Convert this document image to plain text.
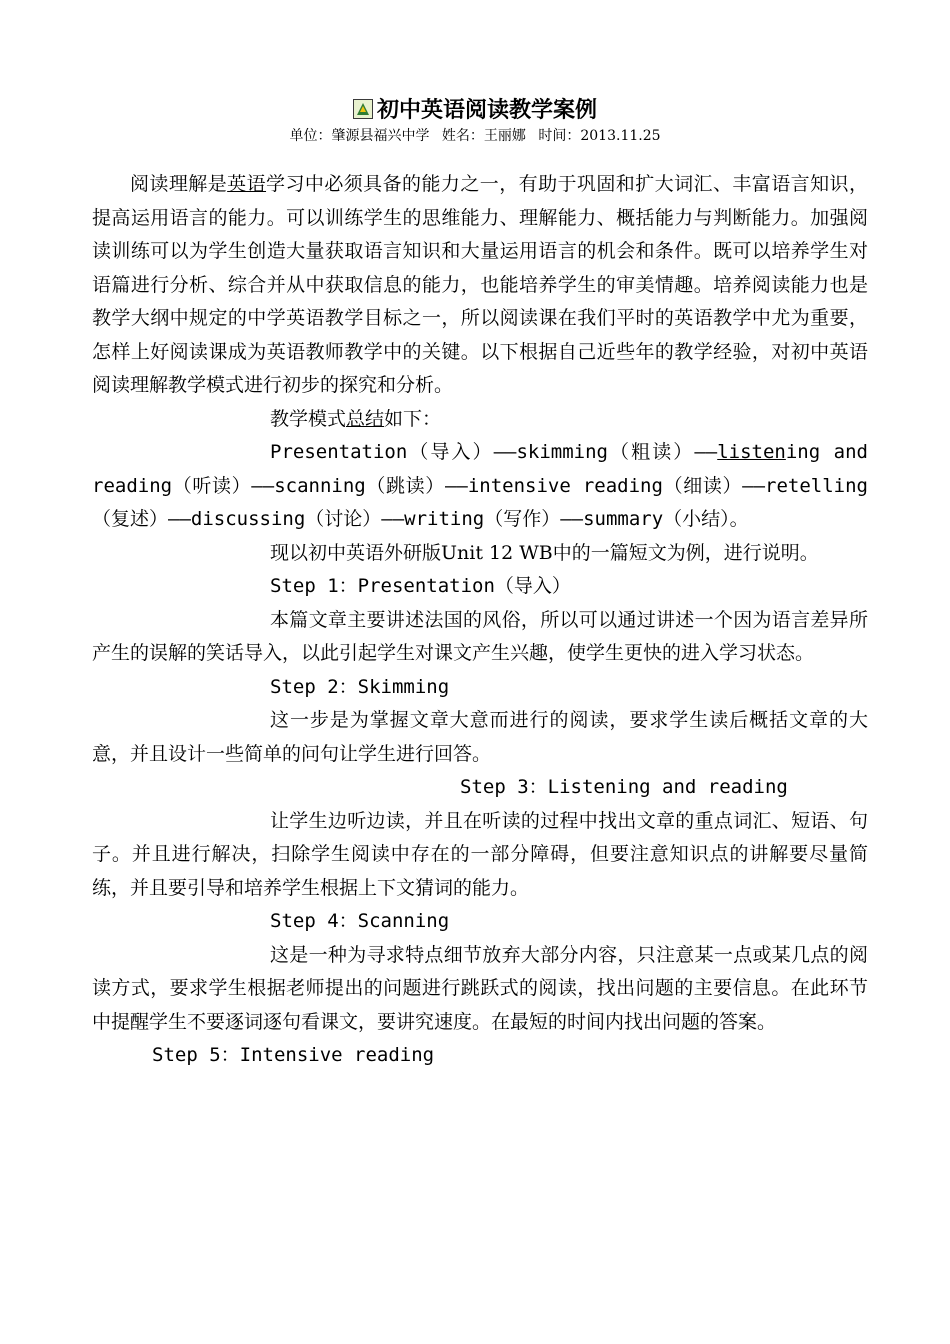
初中英语阅读教学案例
单位：肇源县福兴中学 姓名：王丽娜 时间：2013.11.25

阅读理解是英语学习中必须具备的能力之一，有助于巩固和扩大词汇、丰富语言知识，提高运用语言的能力。可以训练学生的思维能力、理解能力、概括能力与判断能力。加强阅读训练可以为学生创造大量获取语言知识和大量运用语言的机会和条件。既可以培养学生对语篇进行分析、综合并从中获取信息的能力，也能培养学生的审美情趣。培养阅读能力也是教学大纲中规定的中学英语教学目标之一，所以阅读课在我们平时的英语教学中尤为重要，怎样上好阅读课成为英语教师教学中的关键。以下根据自己近些年的教学经验，对初中英语阅读理解教学模式进行初步的探究和分析。

教学模式总结如下：

Presentation（导入）——skimming（粗读）——listening and reading（听读）——scanning（跳读）——intensive reading（细读）——retelling（复述）——discussing（讨论）——writing（写作）——summary（小结）。

现以初中英语外研版Unit 12 WB中的一篇短文为例，进行说明。

Step 1：Presentation（导入）

本篇文章主要讲述法国的风俗，所以可以通过讲述一个因为语言差异所产生的误解的笑话导入，以此引起学生对课文产生兴趣，使学生更快的进入学习状态。

Step 2：Skimming

这一步是为掌握文章大意而进行的阅读，要求学生读后概括文章的大意，并且设计一些简单的问句让学生进行回答。

Step 3：Listening and reading

让学生边听边读，并且在听读的过程中找出文章的重点词汇、短语、句子。并且进行解决，扫除学生阅读中存在的一部分障碍，但要注意知识点的讲解要尽量简练，并且要引导和培养学生根据上下文猜词的能力。

Step 4：Scanning

这是一种为寻求特点细节放弃大部分内容，只注意某一点或某几点的阅读方式，要求学生根据老师提出的问题进行跳跃式的阅读，找出问题的主要信息。在此环节中提醒学生不要逐词逐句看课文，要讲究速度。在最短的时间内找出问题的答案。

Step 5：Intensive reading
